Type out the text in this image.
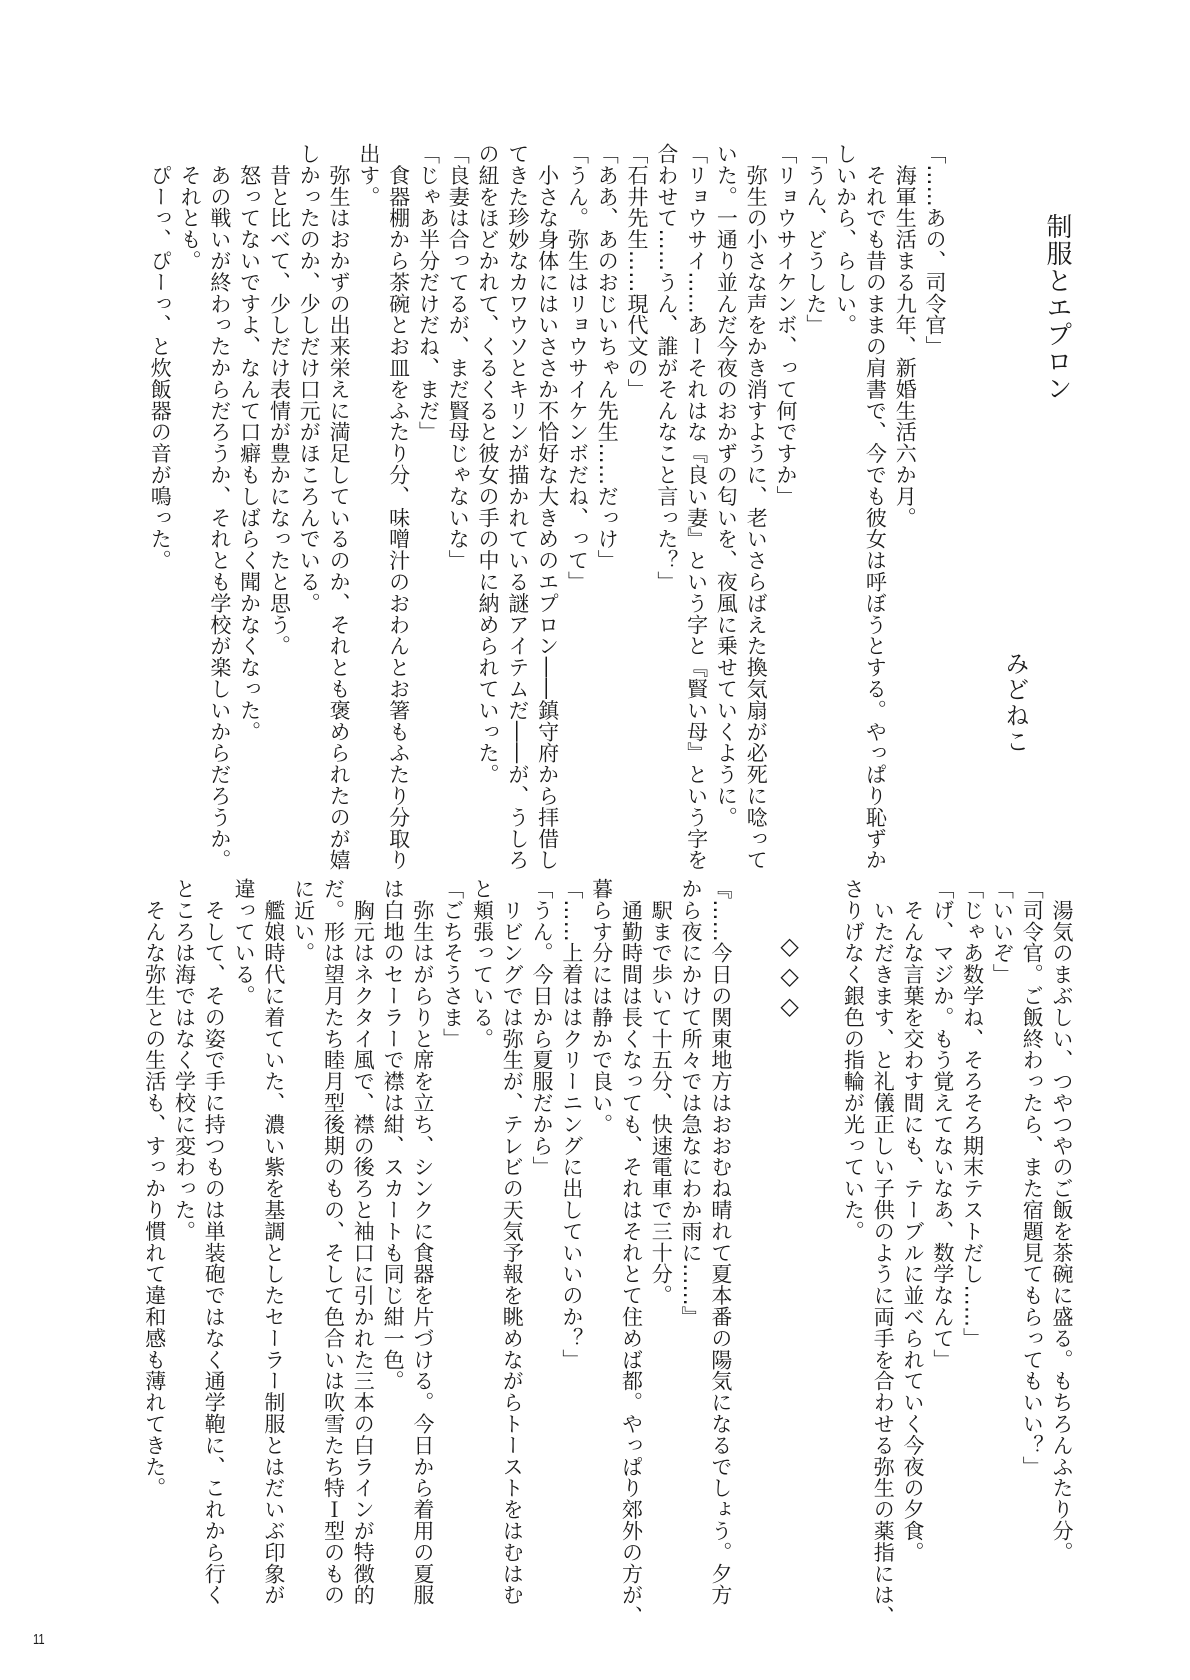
制服とエプロン
みどねこ
「……あの、司令官」
　海軍生活まる九年、新婚生活六か月。
　それでも昔のままの肩書で、今でも彼女は呼ぼうとする。やっぱり恥ずか
しいから、らしい。
「うん、どうした」
「リョウサイケンボ、って何ですか」
　弥生の小さな声をかき消すように、老いさらばえた換気扇が必死に唸って
いた。一通り並んだ今夜のおかずの匂いを、夜風に乗せていくように。
「リョウサイ……あーそれはな『良い妻』という字と『賢い母』という字を
合わせて……うん、誰がそんなこと言った？」
「石井先生……現代文の」
「ああ、あのおじいちゃん先生……だっけ」
「うん。弥生はリョウサイケンボだね、って」
　小さな身体にはいささか不恰好な大きめのエプロン――鎮守府から拝借し
てきた珍妙なカワウソとキリンが描かれている謎アイテムだ――が、うしろ
の紐をほどかれて、くるくると彼女の手の中に納められていった。
「良妻は合ってるが、まだ賢母じゃないな」
「じゃあ半分だけだね、まだ」
　食器棚から茶碗とお皿をふたり分、味噌汁のおわんとお箸もふたり分取り
出す。
　弥生はおかずの出来栄えに満足しているのか、それとも褒められたのが嬉
しかったのか、少しだけ口元がほころんでいる。
　昔と比べて、少しだけ表情が豊かになったと思う。
　怒ってないですよ、なんて口癖もしばらく聞かなくなった。
　あの戦いが終わったからだろうか、それとも学校が楽しいからだろうか。
　それとも。
　ぴーっ、ぴーっ、と炊飯器の音が鳴った。
　湯気のまぶしい、つやつやのご飯を茶碗に盛る。もちろんふたり分。
「司令官。ご飯終わったら、また宿題見てもらってもいい？」
「いいぞ」
「じゃあ数学ね、そろそろ期末テストだし……」
「げ、マジか。もう覚えてないなあ、数学なんて」
　そんな言葉を交わす間にも、テーブルに並べられていく今夜の夕食。
　いただきます、と礼儀正しい子供のように両手を合わせる弥生の薬指には、
さりげなく銀色の指輪が光っていた。
◇◇◇
『……今日の関東地方はおおむね晴れて夏本番の陽気になるでしょう。夕方
から夜にかけて所々では急なにわか雨に……』
　駅まで歩いて十五分、快速電車で三十分。
　通勤時間は長くなっても、それはそれとて住めば都。やっぱり郊外の方が、
暮らす分には静かで良い。
「……上着ははクリーニングに出していいのか？」
「うん。今日から夏服だから」
　リビングでは弥生が、テレビの天気予報を眺めながらトーストをはむはむ
と頬張っている。
「ごちそうさま」
　弥生はがらりと席を立ち、シンクに食器を片づける。今日から着用の夏服
は白地のセーラーで襟は紺、スカートも同じ紺一色。
　胸元はネクタイ風で、襟の後ろと袖口に引かれた三本の白ラインが特徴的
だ。形は望月たち睦月型後期のもの、そして色合いは吹雪たち特Ｉ型のもの
に近い。
　艦娘時代に着ていた、濃い紫を基調としたセーラー制服とはだいぶ印象が
違っている。
　そして、その姿で手に持つものは単装砲ではなく通学鞄に、これから行く
ところは海ではなく学校に変わった。
　そんな弥生との生活も、すっかり慣れて違和感も薄れてきた。
11
